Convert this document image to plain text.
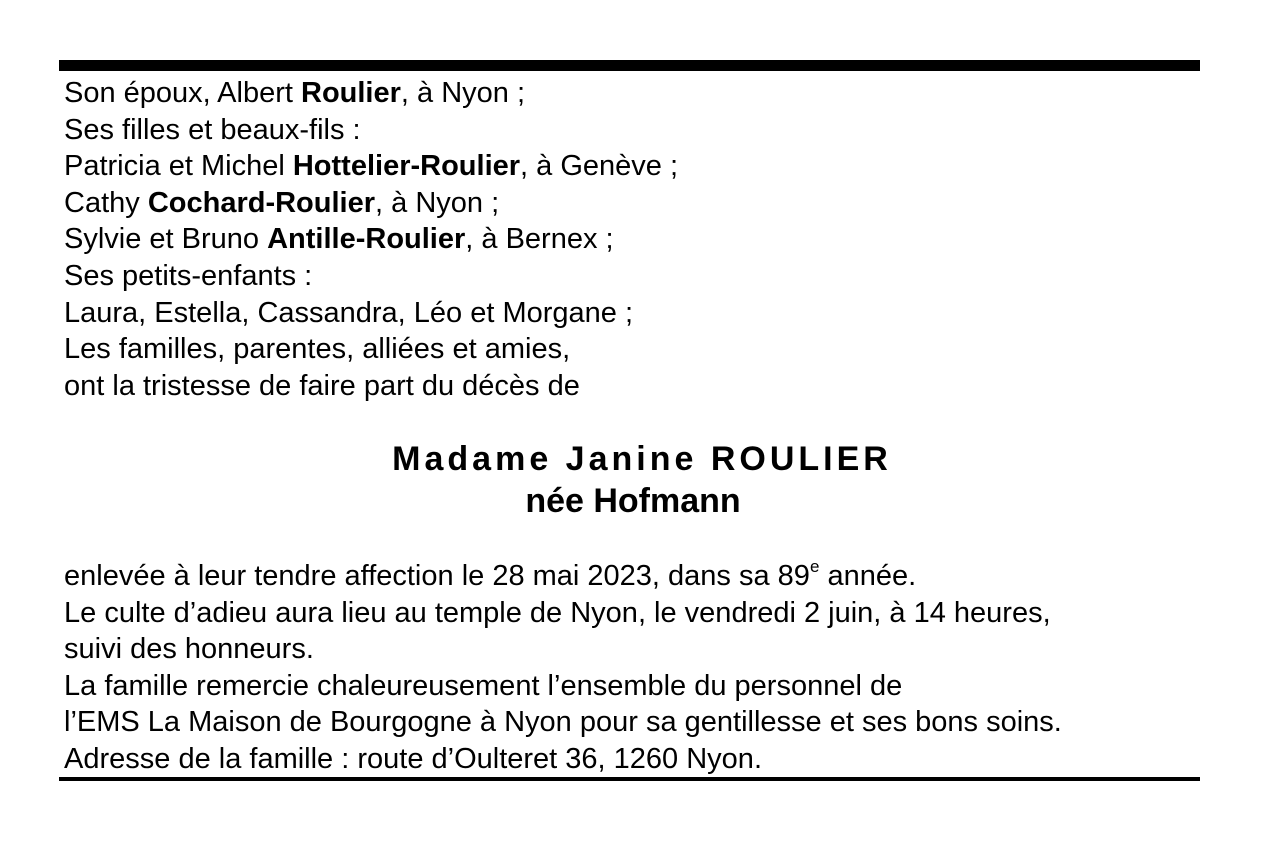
Son époux, Albert Roulier, à Nyon ;
Ses filles et beaux-fils :
Patricia et Michel Hottelier-Roulier, à Genève ;
Cathy Cochard-Roulier, à Nyon ;
Sylvie et Bruno Antille-Roulier, à Bernex ;
Ses petits-enfants :
Laura, Estella, Cassandra, Léo et Morgane ;
Les familles, parentes, alliées et amies,
ont la tristesse de faire part du décès de
Madame Janine ROULIER
née Hofmann
enlevée à leur tendre affection le 28 mai 2023, dans sa 89e année.
Le culte d’adieu aura lieu au temple de Nyon, le vendredi 2 juin, à 14 heures,
suivi des honneurs.
La famille remercie chaleureusement l’ensemble du personnel de
l’EMS La Maison de Bourgogne à Nyon pour sa gentillesse et ses bons soins.
Adresse de la famille : route d’Oulteret 36, 1260 Nyon.
